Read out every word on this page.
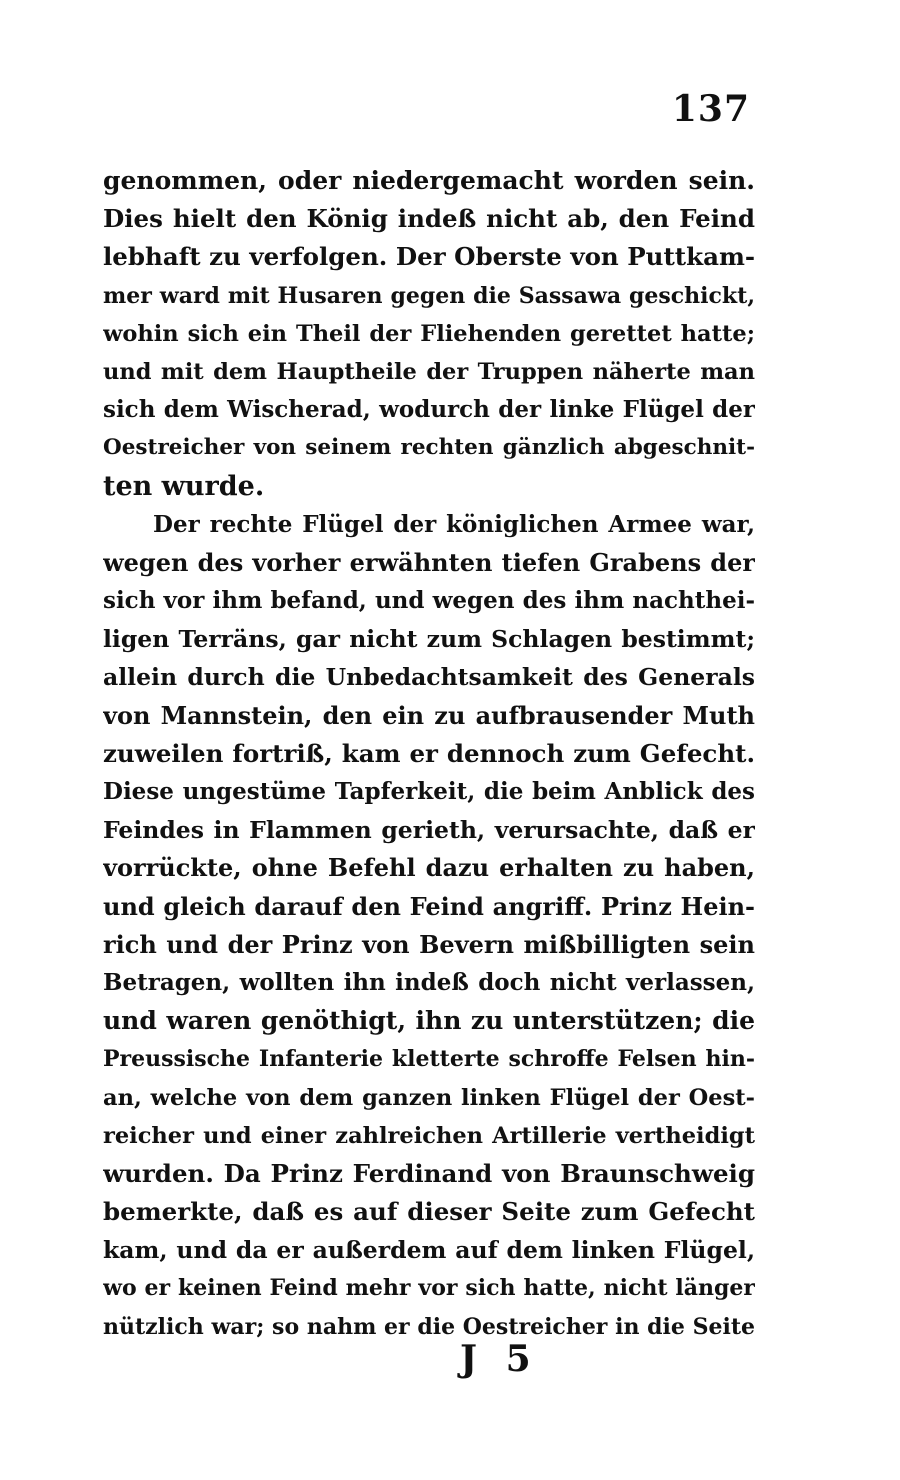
137
genommen, oder niedergemacht worden sein.
Dies hielt den König indeß nicht ab, den Feind
lebhaft zu verfolgen. Der Oberste von Puttkam-
mer ward mit Husaren gegen die Sassawa geschickt,
wohin sich ein Theil der Fliehenden gerettet hatte;
und mit dem Hauptheile der Truppen näherte man
sich dem Wischerad, wodurch der linke Flügel der
Oestreicher von seinem rechten gänzlich abgeschnit-
ten wurde.
Der rechte Flügel der königlichen Armee war,
wegen des vorher erwähnten tiefen Grabens der
sich vor ihm befand, und wegen des ihm nachthei-
ligen Terräns, gar nicht zum Schlagen bestimmt;
allein durch die Unbedachtsamkeit des Generals
von Mannstein, den ein zu aufbrausender Muth
zuweilen fortriß, kam er dennoch zum Gefecht.
Diese ungestüme Tapferkeit, die beim Anblick des
Feindes in Flammen gerieth, verursachte, daß er
vorrückte, ohne Befehl dazu erhalten zu haben,
und gleich darauf den Feind angriff. Prinz Hein-
rich und der Prinz von Bevern mißbilligten sein
Betragen, wollten ihn indeß doch nicht verlassen,
und waren genöthigt, ihn zu unterstützen; die
Preussische Infanterie kletterte schroffe Felsen hin-
an, welche von dem ganzen linken Flügel der Oest-
reicher und einer zahlreichen Artillerie vertheidigt
wurden. Da Prinz Ferdinand von Braunschweig
bemerkte, daß es auf dieser Seite zum Gefecht
kam, und da er außerdem auf dem linken Flügel,
wo er keinen Feind mehr vor sich hatte, nicht länger
nützlich war; so nahm er die Oestreicher in die Seite
J 5
